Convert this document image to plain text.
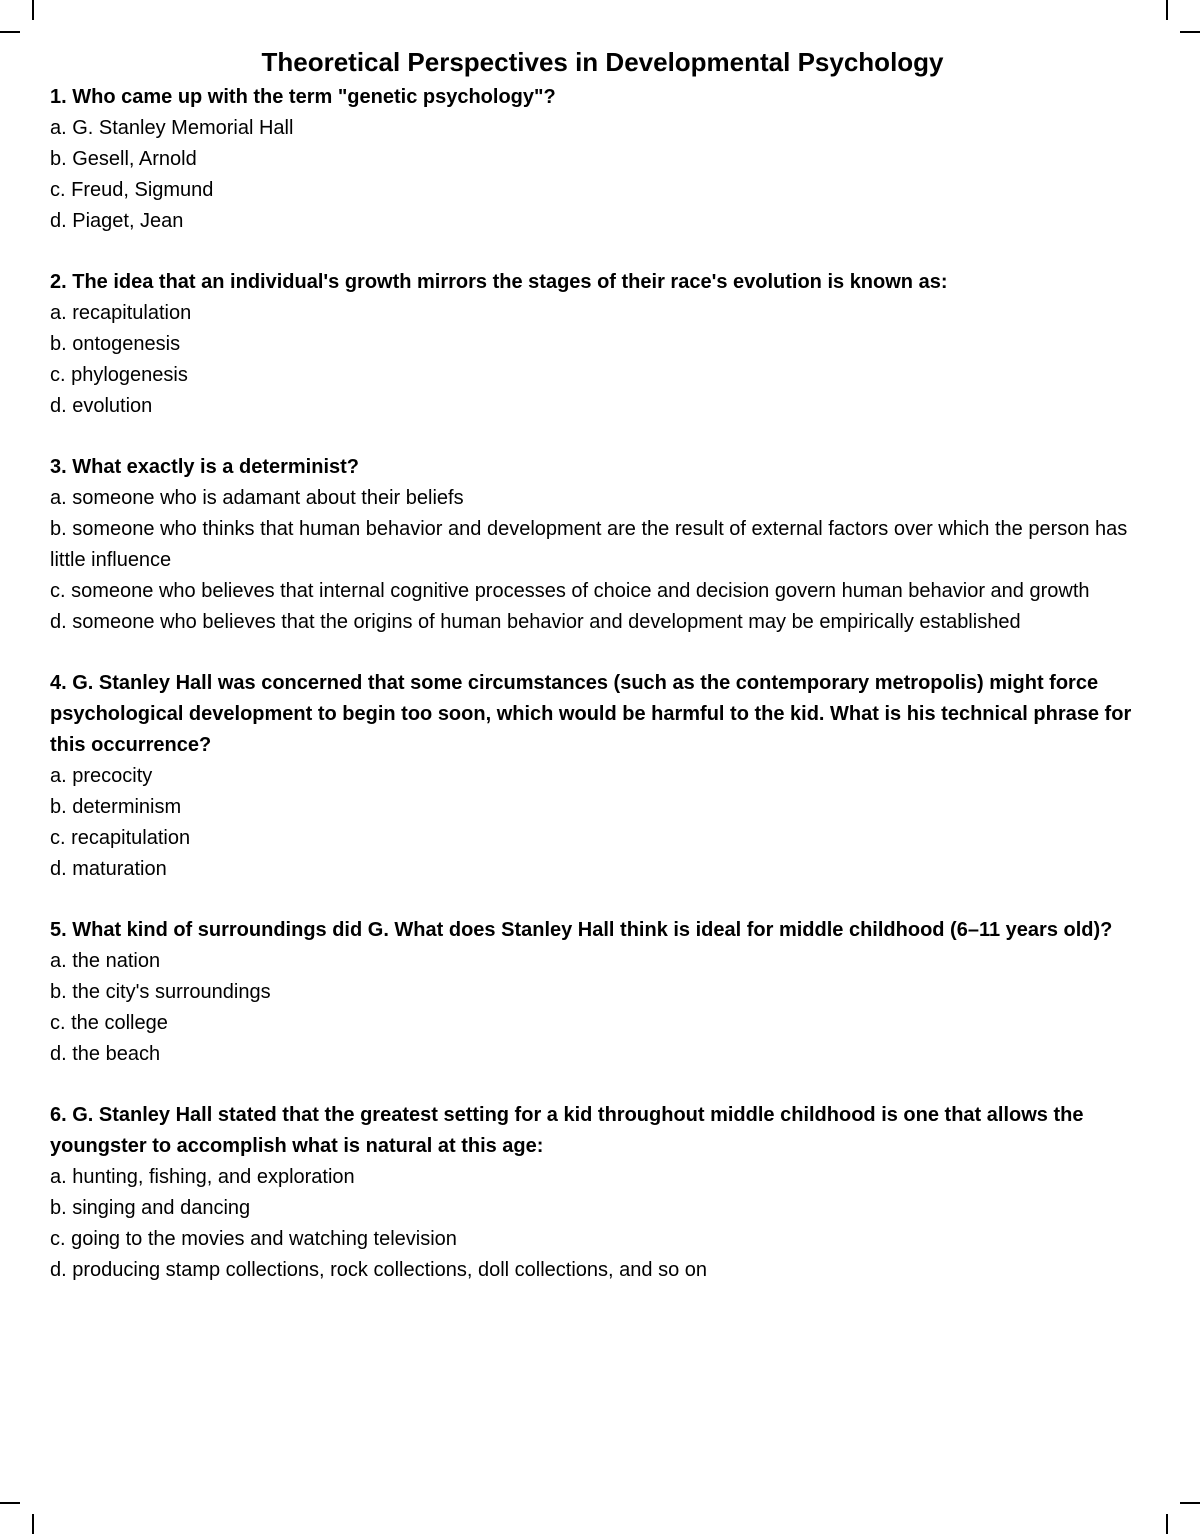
Theoretical Perspectives in Developmental Psychology

1. Who came up with the term "genetic psychology"?

a. G. Stanley Memorial Hall
b. Gesell, Arnold
c. Freud, Sigmund
d. Piaget, Jean

2. The idea that an individual's growth mirrors the stages of their race's evolution is known as:

a. recapitulation
b. ontogenesis
c. phylogenesis
d. evolution

3. What exactly is a determinist?

a. someone who is adamant about their beliefs
b. someone who thinks that human behavior and development are the result of external factors over which the person has little influence
c. someone who believes that internal cognitive processes of choice and decision govern human behavior and growth
d. someone who believes that the origins of human behavior and development may be empirically established

4. G. Stanley Hall was concerned that some circumstances (such as the contemporary metropolis) might force psychological development to begin too soon, which would be harmful to the kid. What is his technical phrase for this occurrence?

a. precocity
b. determinism
c. recapitulation
d. maturation

5. What kind of surroundings did G. What does Stanley Hall think is ideal for middle childhood (6–11 years old)?

a. the nation
b. the city's surroundings
c. the college
d. the beach

6. G. Stanley Hall stated that the greatest setting for a kid throughout middle childhood is one that allows the youngster to accomplish what is natural at this age:

a. hunting, fishing, and exploration
b. singing and dancing
c. going to the movies and watching television
d. producing stamp collections, rock collections, doll collections, and so on
